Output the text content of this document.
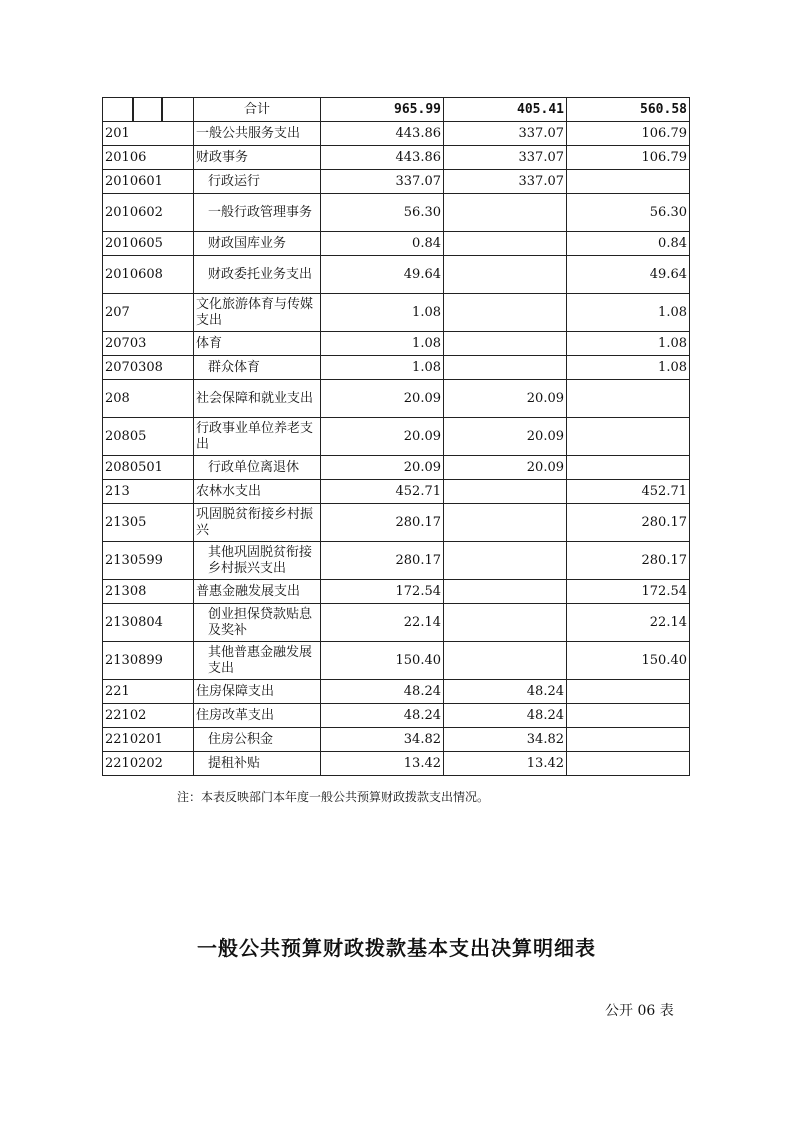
	合计	965.99	405.41	560.58
201	一般公共服务支出	443.86	337.07	106.79
20106	财政事务	443.86	337.07	106.79
2010601	行政运行	337.07	337.07	
2010602	一般行政管理事务	56.30		56.30
2010605	财政国库业务	0.84		0.84
2010608	财政委托业务支出	49.64		49.64
207	文化旅游体育与传媒支出	1.08		1.08
20703	体育	1.08		1.08
2070308	群众体育	1.08		1.08
208	社会保障和就业支出	20.09	20.09	
20805	行政事业单位养老支出	20.09	20.09	
2080501	行政单位离退休	20.09	20.09	
213	农林水支出	452.71		452.71
21305	巩固脱贫衔接乡村振兴	280.17		280.17
2130599	其他巩固脱贫衔接乡村振兴支出	280.17		280.17
21308	普惠金融发展支出	172.54		172.54
2130804	创业担保贷款贴息及奖补	22.14		22.14
2130899	其他普惠金融发展支出	150.40		150.40
221	住房保障支出	48.24	48.24	
22102	住房改革支出	48.24	48.24	
2210201	住房公积金	34.82	34.82	
2210202	提租补贴	13.42	13.42	
注：本表反映部门本年度一般公共预算财政拨款支出情况。
一般公共预算财政拨款基本支出决算明细表
公开 06 表
